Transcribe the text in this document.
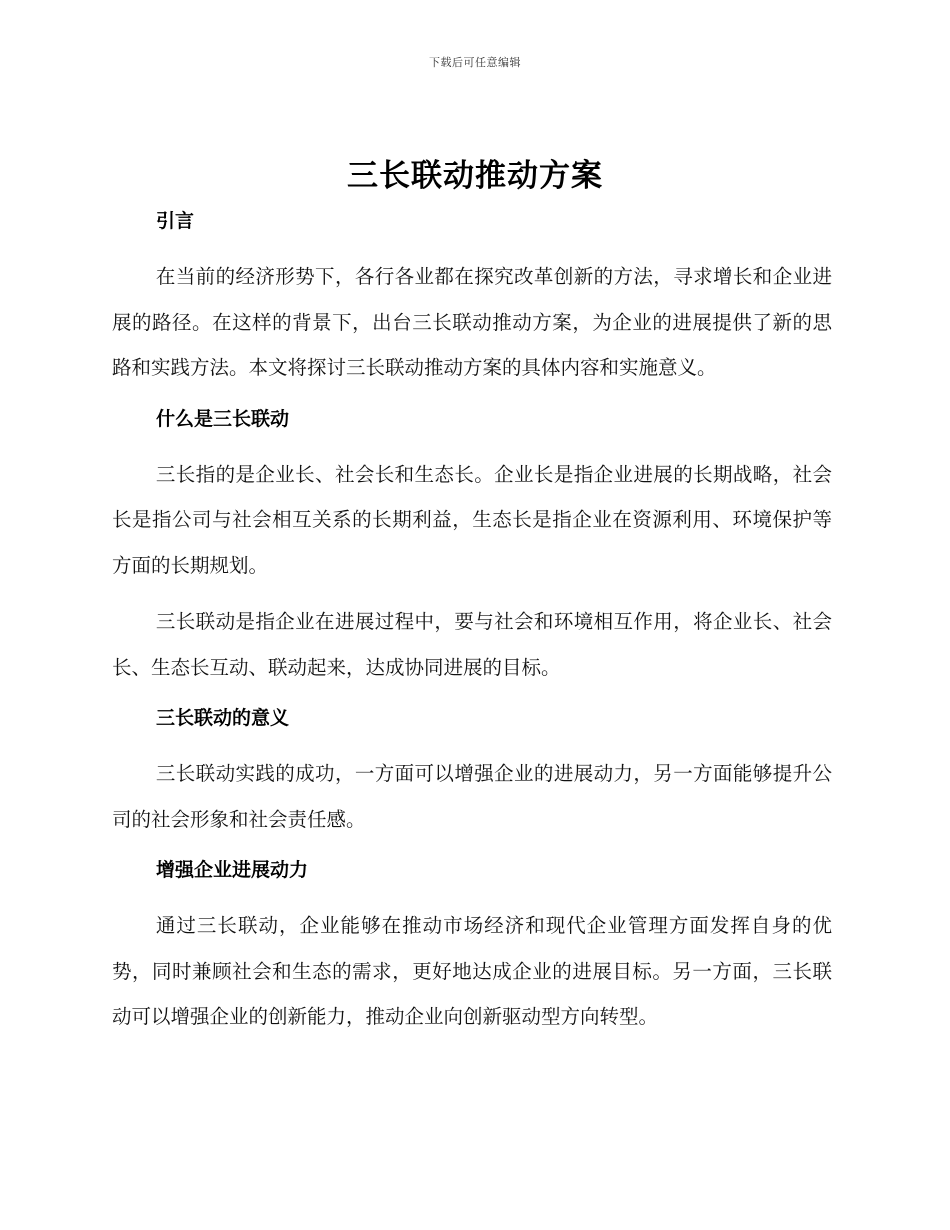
下载后可任意编辑
三长联动推动方案
引言

在当前的经济形势下，各行各业都在探究改革创新的方法，寻求增长和企业进展的路径。在这样的背景下，出台三长联动推动方案，为企业的进展提供了新的思路和实践方法。本文将探讨三长联动推动方案的具体内容和实施意义。

什么是三长联动

三长指的是企业长、社会长和生态长。企业长是指企业进展的长期战略，社会长是指公司与社会相互关系的长期利益，生态长是指企业在资源利用、环境保护等方面的长期规划。

三长联动是指企业在进展过程中，要与社会和环境相互作用，将企业长、社会长、生态长互动、联动起来，达成协同进展的目标。

三长联动的意义

三长联动实践的成功，一方面可以增强企业的进展动力，另一方面能够提升公司的社会形象和社会责任感。

增强企业进展动力

通过三长联动，企业能够在推动市场经济和现代企业管理方面发挥自身的优势，同时兼顾社会和生态的需求，更好地达成企业的进展目标。另一方面，三长联动可以增强企业的创新能力，推动企业向创新驱动型方向转型。
